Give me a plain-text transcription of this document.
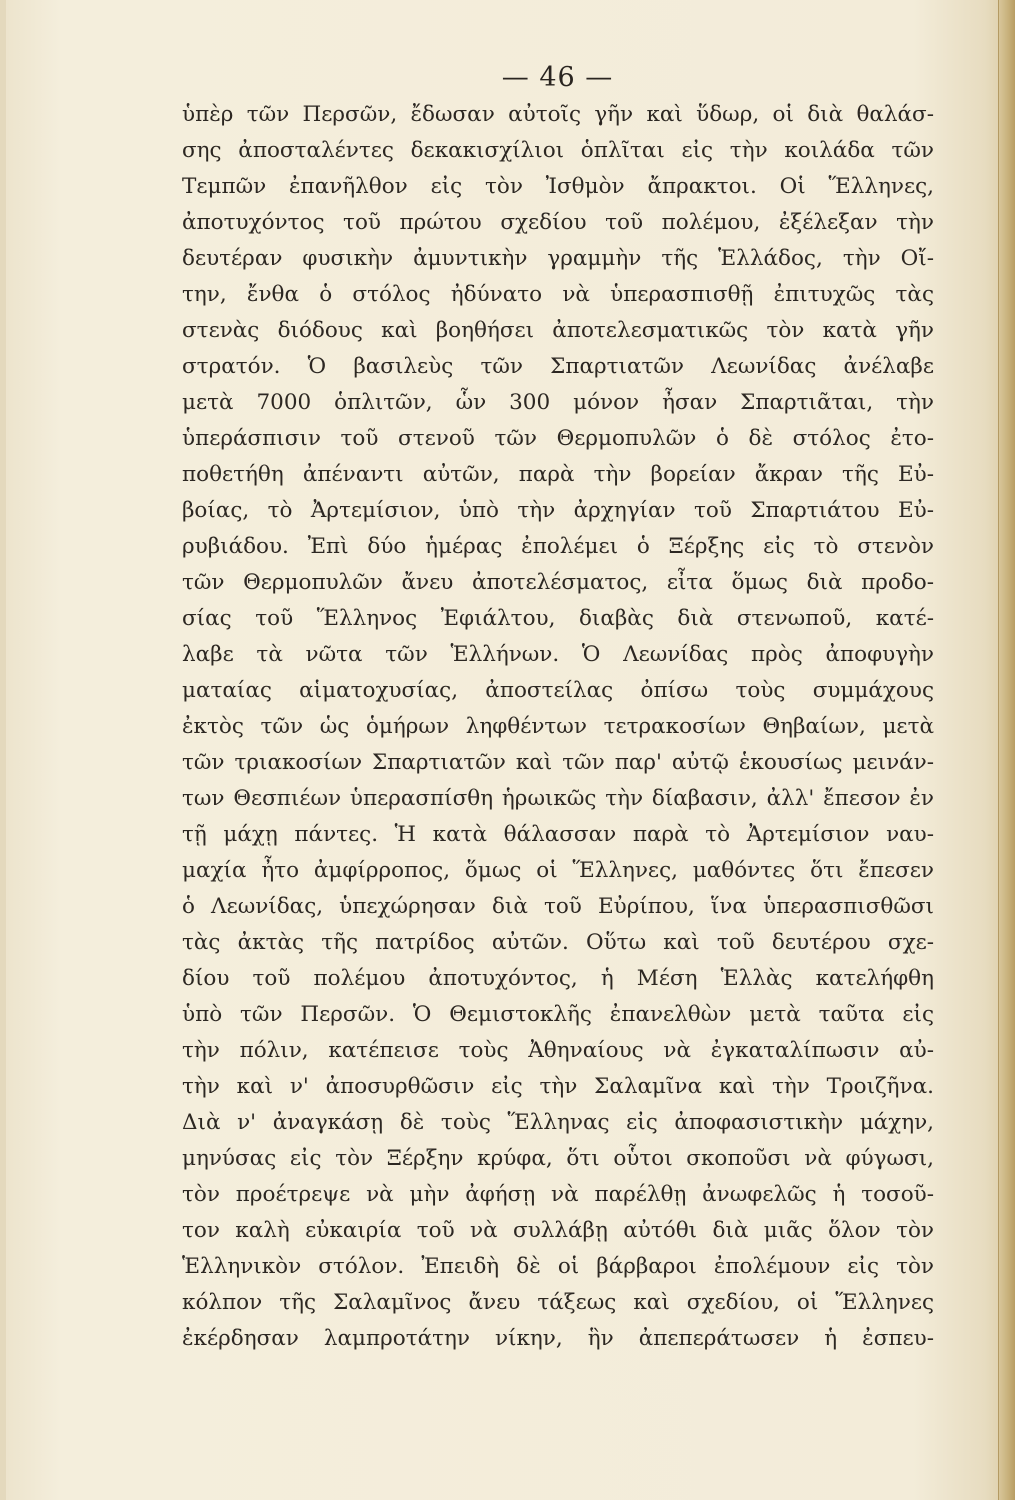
— 46 —
ὑπὲρ τῶν Περσῶν, ἔδωσαν αὐτοῖς γῆν καὶ ὕδωρ, οἱ διὰ θαλάσ-
σης ἀποσταλέντες δεκακισχίλιοι ὁπλῖται εἰς τὴν κοιλάδα τῶν
Τεμπῶν ἐπανῆλθον εἰς τὸν Ἰσθμὸν ἄπρακτοι. Οἱ Ἕλληνες,
ἀποτυχόντος τοῦ πρώτου σχεδίου τοῦ πολέμου, ἐξέλεξαν τὴν
δευτέραν φυσικὴν ἀμυντικὴν γραμμὴν τῆς Ἑλλάδος, τὴν Οἴ-
την, ἔνθα ὁ στόλος ἠδύνατο νὰ ὑπερασπισθῇ ἐπιτυχῶς τὰς
στενὰς διόδους καὶ βοηθήσει ἀποτελεσματικῶς τὸν κατὰ γῆν
στρατόν. Ὁ βασιλεὺς τῶν Σπαρτιατῶν Λεωνίδας ἀνέλαβε
μετὰ 7000 ὁπλιτῶν, ὧν 300 μόνον ἦσαν Σπαρτιᾶται, τὴν
ὑπεράσπισιν τοῦ στενοῦ τῶν Θερμοπυλῶν ὁ δὲ στόλος ἐτο-
ποθετήθη ἀπέναντι αὐτῶν, παρὰ τὴν βορείαν ἄκραν τῆς Εὐ-
βοίας, τὸ Ἀρτεμίσιον, ὑπὸ τὴν ἀρχηγίαν τοῦ Σπαρτιάτου Εὐ-
ρυβιάδου. Ἐπὶ δύο ἡμέρας ἐπολέμει ὁ Ξέρξης εἰς τὸ στενὸν
τῶν Θερμοπυλῶν ἄνευ ἀποτελέσματος, εἶτα ὅμως διὰ προδο-
σίας τοῦ Ἕλληνος Ἐφιάλτου, διαβὰς διὰ στενωποῦ, κατέ-
λαβε τὰ νῶτα τῶν Ἑλλήνων. Ὁ Λεωνίδας πρὸς ἀποφυγὴν
ματαίας αἱματοχυσίας, ἀποστείλας ὀπίσω τοὺς συμμάχους
ἐκτὸς τῶν ὡς ὁμήρων ληφθέντων τετρακοσίων Θηβαίων, μετὰ
τῶν τριακοσίων Σπαρτιατῶν καὶ τῶν παρ' αὐτῷ ἑκουσίως μεινάν-
των Θεσπιέων ὑπερασπίσθη ἡρωικῶς τὴν δίαβασιν, ἀλλ' ἔπεσον ἐν
τῇ μάχῃ πάντες. Ἡ κατὰ θάλασσαν παρὰ τὸ Ἀρτεμίσιον ναυ-
μαχία ἦτο ἀμφίρροπος, ὅμως οἱ Ἕλληνες, μαθόντες ὅτι ἔπεσεν
ὁ Λεωνίδας, ὑπεχώρησαν διὰ τοῦ Εὐρίπου, ἵνα ὑπερασπισθῶσι
τὰς ἀκτὰς τῆς πατρίδος αὐτῶν. Οὕτω καὶ τοῦ δευτέρου σχε-
δίου τοῦ πολέμου ἀποτυχόντος, ἡ Μέση Ἑλλὰς κατελήφθη
ὑπὸ τῶν Περσῶν. Ὁ Θεμιστοκλῆς ἐπανελθὼν μετὰ ταῦτα εἰς
τὴν πόλιν, κατέπεισε τοὺς Ἀθηναίους νὰ ἐγκαταλίπωσιν αὐ-
τὴν καὶ ν' ἀποσυρθῶσιν εἰς τὴν Σαλαμῖνα καὶ τὴν Τροιζῆνα.
Διὰ ν' ἀναγκάσῃ δὲ τοὺς Ἕλληνας εἰς ἀποφασιστικὴν μάχην,
μηνύσας εἰς τὸν Ξέρξην κρύφα, ὅτι οὗτοι σκοποῦσι νὰ φύγωσι,
τὸν προέτρεψε νὰ μὴν ἀφήσῃ νὰ παρέλθῃ ἀνωφελῶς ἡ τοσοῦ-
τον καλὴ εὐκαιρία τοῦ νὰ συλλάβῃ αὐτόθι διὰ μιᾶς ὅλον τὸν
Ἑλληνικὸν στόλον. Ἐπειδὴ δὲ οἱ βάρβαροι ἐπολέμουν εἰς τὸν
κόλπον τῆς Σαλαμῖνος ἄνευ τάξεως καὶ σχεδίου, οἱ Ἕλληνες
ἐκέρδησαν λαμπροτάτην νίκην, ἣν ἀπεπεράτωσεν ἡ ἐσπευ-
